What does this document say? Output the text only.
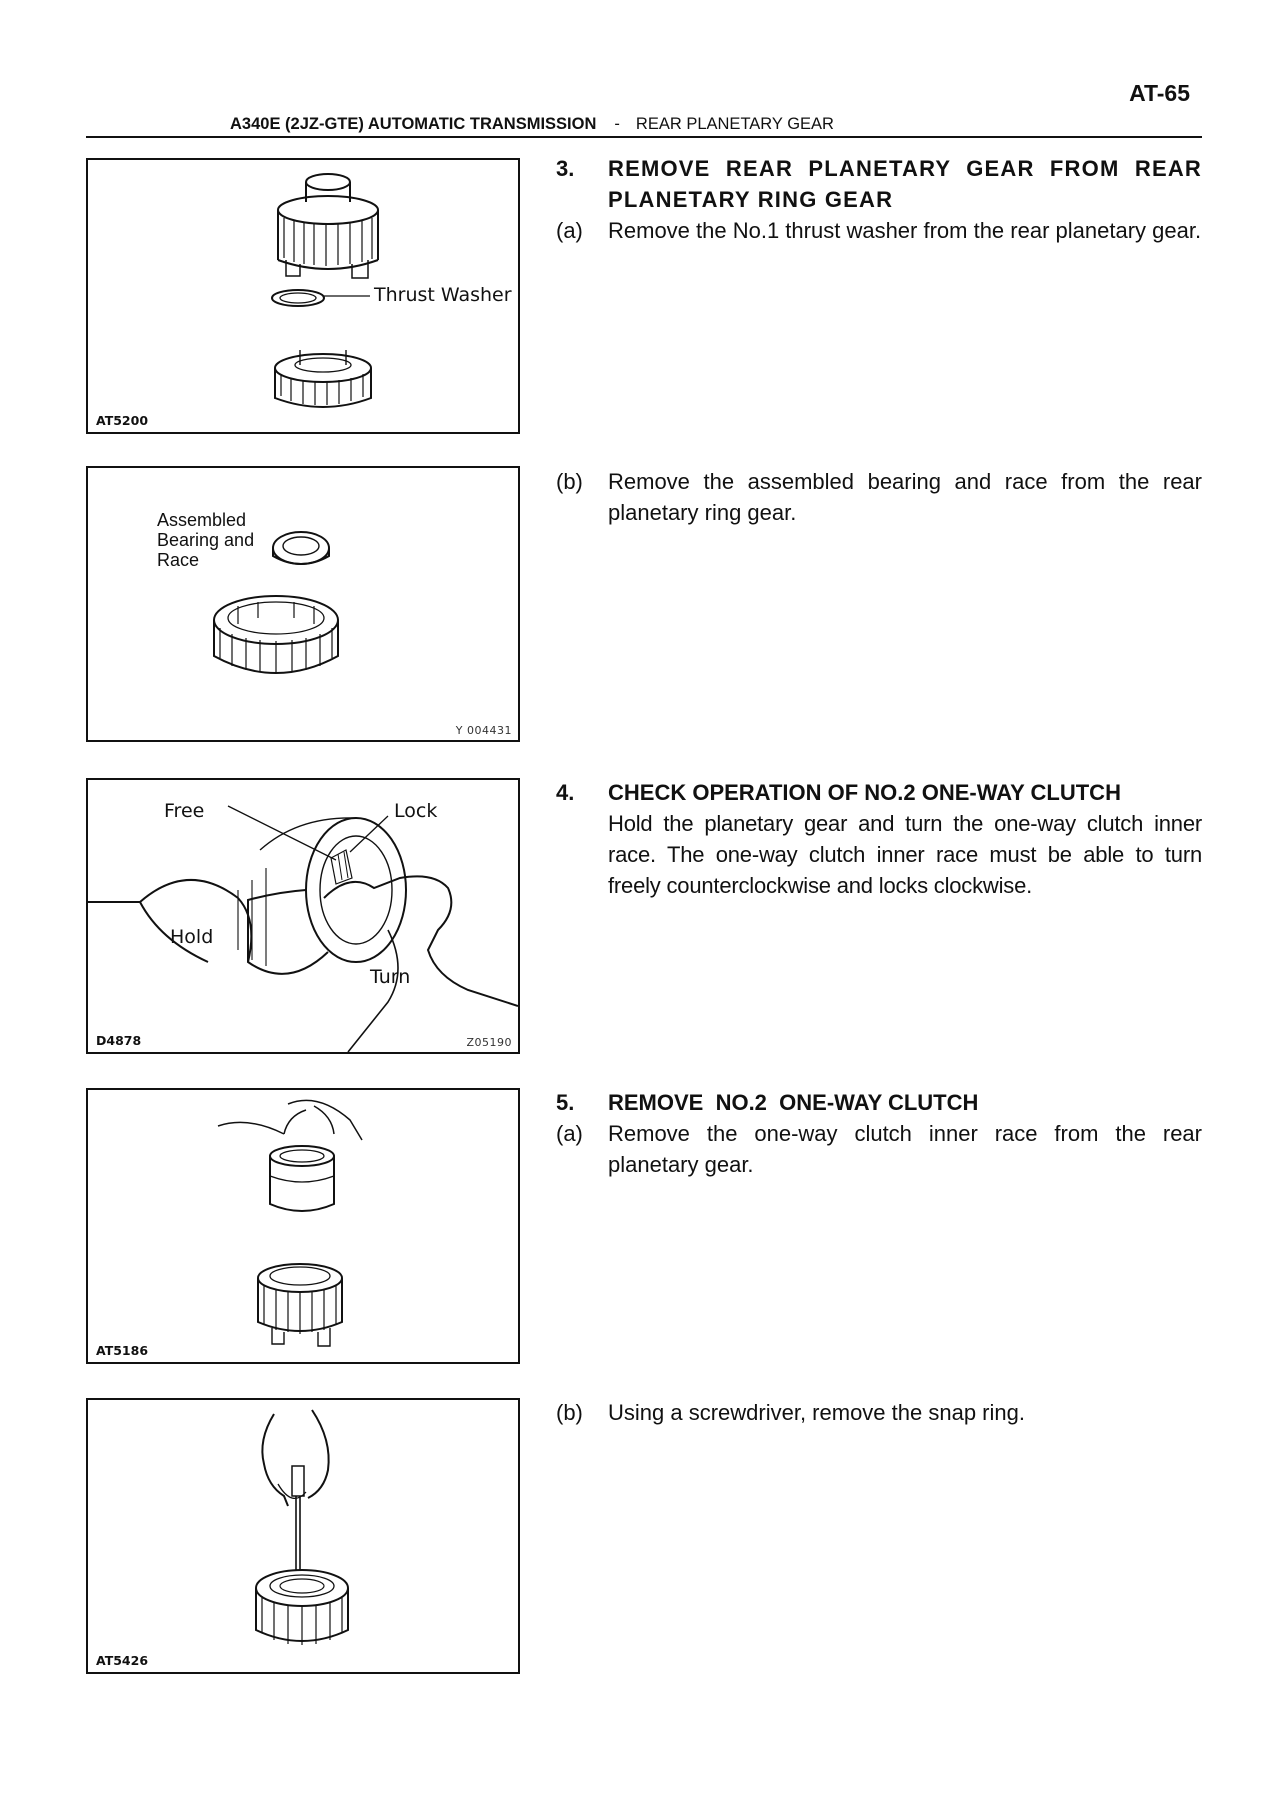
AT-65
A340E (2JZ-GTE) AUTOMATIC TRANSMISSION - REAR PLANETARY GEAR
Thrust Washer
AT5200
Assembled
Bearing and
Race
Y 004431
Free	Lock
Hold
Turn
D4878	Z05190
AT5186
AT5426
3.	REMOVE REAR PLANETARY GEAR FROM REAR PLANETARY RING GEAR
(a)	Remove the No.1 thrust washer from the rear planetary gear.
(b)	Remove the assembled bearing and race from the rear planetary ring gear.
4.	CHECK OPERATION OF NO.2 ONE-WAY CLUTCH
Hold the planetary gear and turn the one-way clutch inner race. The one-way clutch inner race must be able to turn freely counterclockwise and locks clockwise.
5.	REMOVE  NO.2  ONE-WAY CLUTCH
(a)	Remove the one-way clutch inner race from the rear planetary gear.
(b)	Using a screwdriver, remove the snap ring.
